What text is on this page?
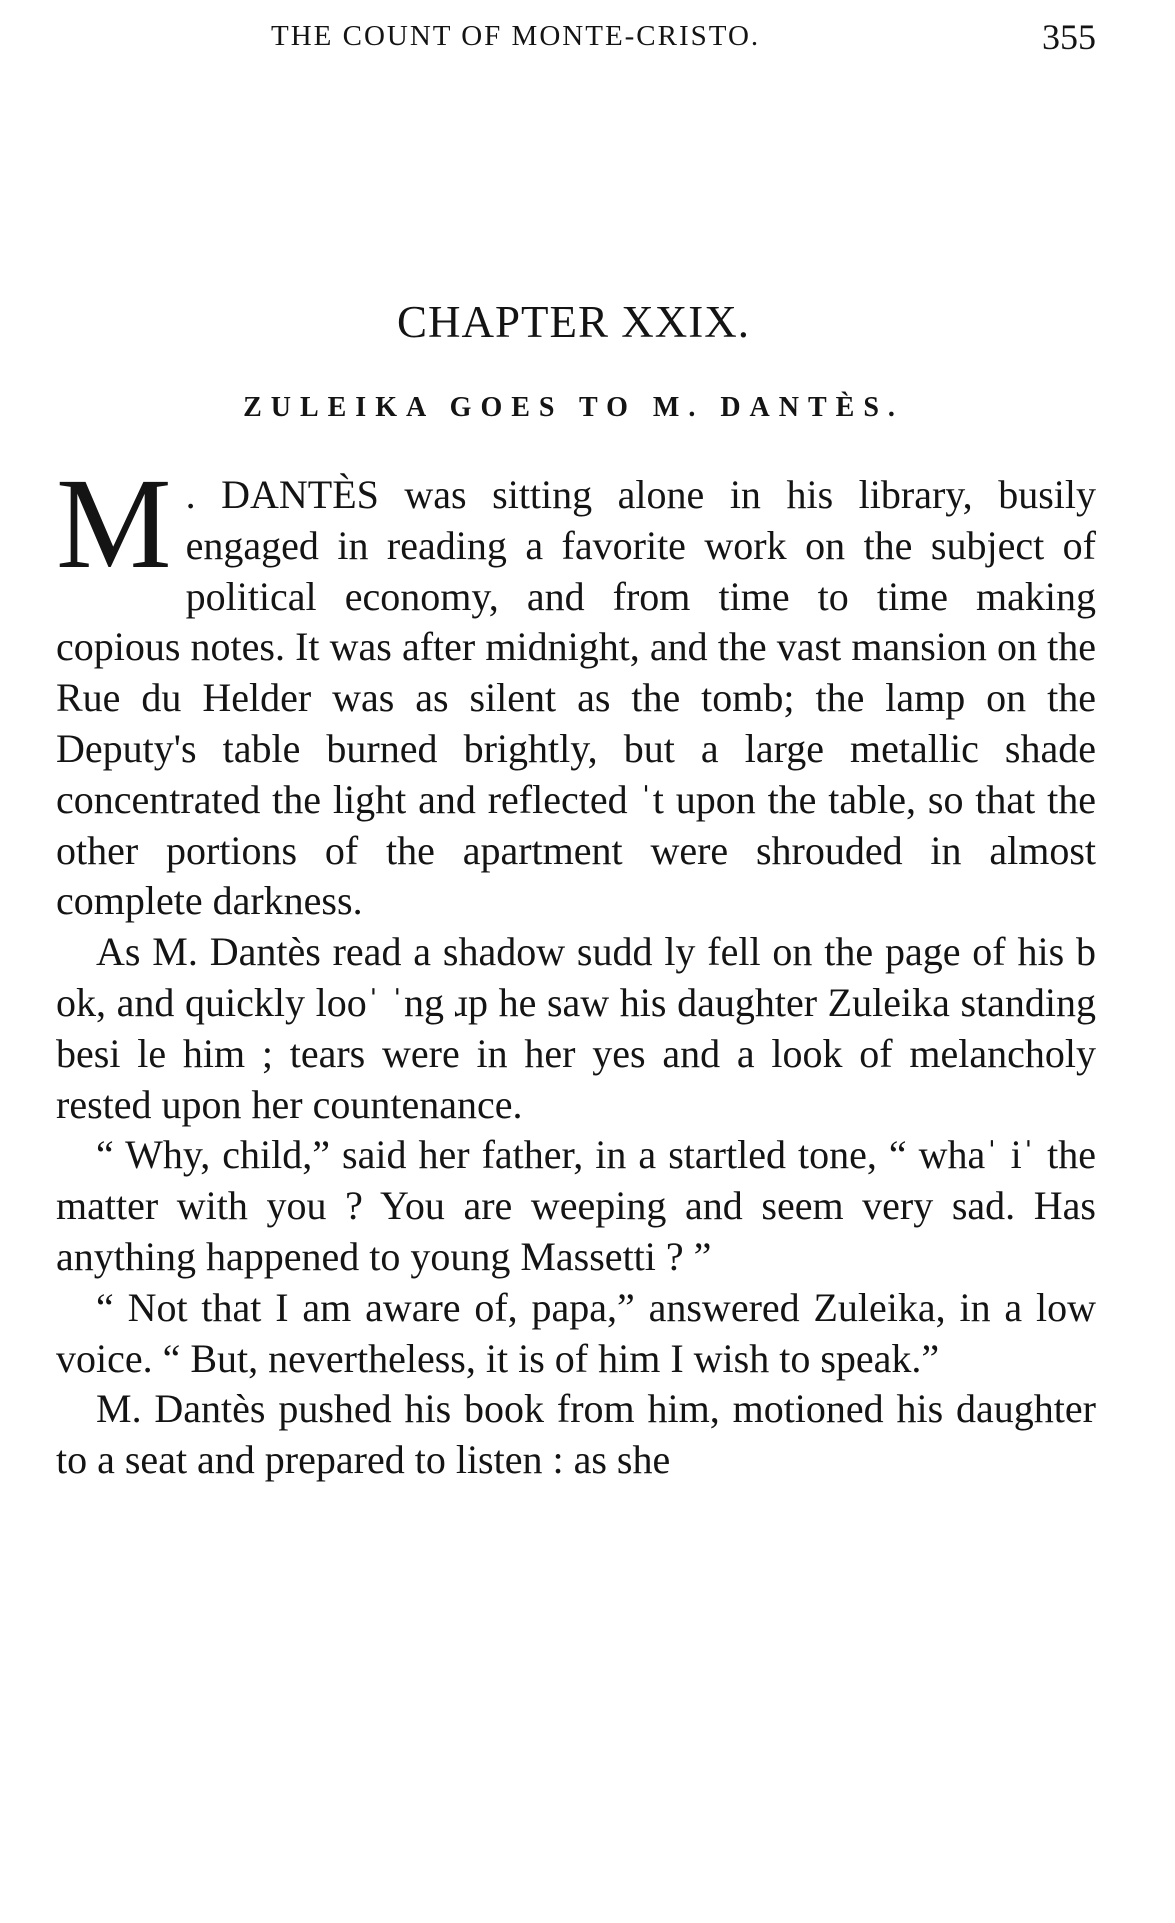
THE COUNT OF MONTE-CRISTO.	355
CHAPTER XXIX.
ZULEIKA GOES TO M. DANTÈS.

M . DANTÈS was sitting alone in his library, busily engaged in reading a favorite work on the subject of political economy, and from time to time making copious notes. It was after midnight, and the vast mansion on the Rue du Helder was as silent as the tomb; the lamp on the Deputy's table burned brightly, but a large metallic shade concentrated the light and reflected ˈt upon the table, so that the other portions of the apartment were shrouded in almost complete darkness.

As M. Dantès read a shadow sudd ly fell on the page of his b ok, and quickly looˈ ˈng ɹp he saw his daughter Zuleika standing besi le him ; tears were in her yes and a look of melancholy rested upon her countenance.

“ Why, child,” said her father, in a startled tone, “ whaˈ iˈ the matter with you ? You are weeping and seem very sad. Has anything happened to young Massetti ? ”

“ Not that I am aware of, papa,” answered Zuleika, in a low voice. “ But, nevertheless, it is of him I wish to speak.”

M. Dantès pushed his book from him, motioned his daughter to a seat and prepared to listen : as she
